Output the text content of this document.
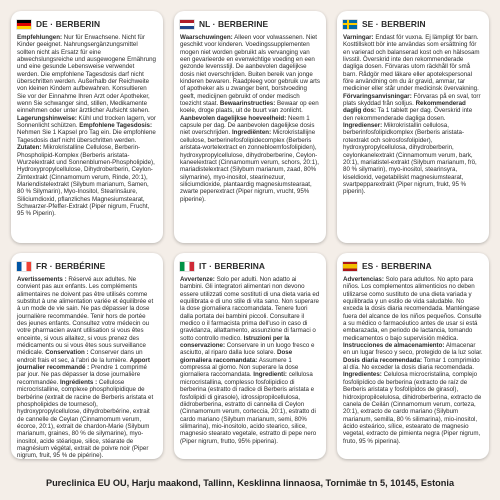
DE · BERBERIN
Empfehlungen: Nur für Erwachsene. Nicht für Kinder geeignet. Nahrungsergänzungsmittel sollten nicht als Ersatz für eine abwechslungsreiche und ausgewogene Ernährung und eine gesunde Lebensweise verwendet werden. Die empfohlene Tagesdosis darf nicht überschritten werden. Außerhalb der Reichweite von kleinen Kindern aufbewahren. Konsultieren Sie vor der Einnahme Ihren Arzt oder Apotheker, wenn Sie schwanger sind, stillen, Medikamente einnehmen oder unter ärztlicher Aufsicht stehen. Lagerungshinweise: Kühl und trocken lagern, vor Sonnenlicht schützen. Empfohlene Tagesdosis: Nehmen Sie 1 Kapsel pro Tag ein. Die empfohlene Tagesdosis darf nicht überschritten werden. Zutaten: Mikrokristalline Cellulose, Berberin-Phospholipid-Komplex (Berberis aristata-Wurzelextrakt und Sonnenblumen-Phospholipide), Hydroxypropylcellulose, Dihydroberberin, Ceylon-Zimtextrakt (Cinnamomum verum, Rinde, 20:1), Mariendistelextrakt (Silybum marianum, Samen, 80 % Silymarin), Myo-Inositol, Stearinsäure, Siliciumdioxid, pflanzliches Magnesiumstearat, Schwarzer-Pfeffer-Extrakt (Piper nigrum, Frucht, 95 % Piperin).
NL · BERBERINE
Waarschuwingen: Alleen voor volwassenen. Niet geschikt voor kinderen. Voedingssupplementen mogen niet worden gebruikt als vervanging van een gevarieerde en evenwichtige voeding en een gezonde levensstijl. De aanbevolen dagelijkse dosis niet overschrijden. Buiten bereik van jonge kinderen bewaren. Raadpleeg voor gebruik uw arts of apotheker als u zwanger bent, borstvoeding geeft, medicijnen gebruikt of onder medisch toezicht staat. Bewaarinstructies: Bewaar op een koele, droge plaats, uit de buurt van zonlicht. Aanbevolen dagelijkse hoeveelheid: Neem 1 capsule per dag. De aanbevolen dagelijkse dosis niet overschrijden. Ingrediënten: Microkristallijne cellulose, berberinefosfolipidecomplex (Berberis aristata-wortelextract en zonnebloemfosfolipiden), hydroxypropylcellulose, dihydroberberine, Ceylon-kaneelextract (Cinnamomum verum, schors, 20:1), mariadistelextract (Silybum marianum, zaad, 80% silymarine), myo-inositol, stearinezuur, siliciumdioxide, plantaardig magnesiumstearaat, zwarte peperextract (Piper nigrum, vrucht, 95% piperine).
SE · BERBERIN
Varningar: Endast för vuxna. Ej lämpligt för barn. Kosttillskott bör inte användas som ersättning för en varierad och balanserad kost och en hälsosam livsstil. Överskrid inte den rekommenderade dagliga dosen. Förvaras utom räckhåll för små barn. Rådgör med läkare eller apotekspersonal före användning om du är gravid, ammar, tar mediciner eller står under medicinsk övervakning. Förvaringsanvisningar: Förvaras på en sval, torr plats skyddad från solljus. Rekommenderad daglig dos: Ta 1 tablett per dag. Överskrid inte den rekommenderade dagliga dosen. Ingredienser: Mikrokristallin cellulosa, berberinfosfolipidkomplex (Berberis aristata-rotextrakt och solrosfosfolipider), hydroxypropylcellulosa, dihydroberberin, ceylonkanelextrakt (Cinnamomum verum, bark, 20:1), mariatistel-extrakt (Silybum marianum, frö, 80 % silymarin), myo-inositol, stearinsyra, kiseldioxid, vegetabiliskt magnesiumstearat, svartpepparextrakt (Piper nigrum, frukt, 95 % piperin).
FR · BERBÉRINE
Avertissements : Réservé aux adultes. Ne convient pas aux enfants. Les compléments alimentaires ne doivent pas être utilisés comme substitut à une alimentation variée et équilibrée et à un mode de vie sain. Ne pas dépasser la dose journalière recommandée. Tenir hors de portée des jeunes enfants. Consultez votre médecin ou votre pharmacien avant utilisation si vous êtes enceinte, si vous allaitez, si vous prenez des médicaments ou si vous êtes sous surveillance médicale. Conservation : Conserver dans un endroit frais et sec, à l'abri de la lumière. Apport journalier recommandé : Prendre 1 comprimé par jour. Ne pas dépasser la dose journalière recommandée. Ingrédients : Cellulose microcristalline, complexe phospholipidique de berbérine (extrait de racine de Berberis aristata et phospholipides de tournesol), hydroxypropylcellulose, dihydroberbérine, extrait de cannelle de Ceylan (Cinnamomum verum, écorce, 20:1), extrait de chardon-Marie (Silybum marianum, graines, 80 % de silymarine), myo-inositol, acide stéarique, silice, stéarate de magnésium végétal, extrait de poivre noir (Piper nigrum, fruit, 95 % de pipérine).
IT · BERBERINA
Avvertenze: Solo per adulti. Non adatto ai bambini. Gli integratori alimentari non devono essere utilizzati come sostituti di una dieta varia ed equilibrata e di uno stile di vita sano. Non superare la dose giornaliera raccomandata. Tenere fuori dalla portata dei bambini piccoli. Consultare il medico o il farmacista prima dell'uso in caso di gravidanza, allattamento, assunzione di farmaci o sotto controllo medico. Istruzioni per la conservazione: Conservare in un luogo fresco e asciutto, al riparo dalla luce solare. Dose giornaliera raccomandata: Assumere 1 compressa al giorno. Non superare la dose giornaliera raccomandata. Ingredienti: cellulosa microcristallina, complesso fosfolipidico di berberina (estratto di radice di Berberis aristata e fosfolipidi di girasole), idrossipropilcellulosa, diidroberberina, estratto di cannella di Ceylon (Cinnamomum verum, corteccia, 20:1), estratto di cardo mariano (Silybum marianum, semi, 80% silimarina), mio-inositolo, acido stearico, silice, magnesio stearato vegetale, estratto di pepe nero (Piper nigrum, frutto, 95% piperina).
ES · BERBERINA
Advertencias: Solo para adultos. No apto para niños. Los complementos alimenticios no deben utilizarse como sustituto de una dieta variada y equilibrada y un estilo de vida saludable. No exceda la dosis diaria recomendada. Manténgase fuera del alcance de los niños pequeños. Consulte a su médico o farmacéutico antes de usar si está embarazada, en periodo de lactancia, tomando medicamentos o bajo supervisión médica. Instrucciones de almacenamiento: Almacenar en un lugar fresco y seco, protegido de la luz solar. Dosis diaria recomendada: Tomar 1 comprimido al día. No exceder la dosis diaria recomendada. Ingredientes: Celulosa microcristalina, complejo fosfolipídico de berberina (extracto de raíz de Berberis aristata y fosfolípidos de girasol), hidroxipropilcelulosa, dihidroberberina, extracto de canela de Ceilán (Cinnamomum verum, corteza, 20:1), extracto de cardo mariano (Silybum marianum, semilla, 80 % silimarina), mio-inositol, ácido esteárico, sílice, estearato de magnesio vegetal, extracto de pimienta negra (Piper nigrum, fruto, 95 % piperina).
Pureclinica EU OU, Harju maakond, Tallinn, Kesklinna linnaosa, Tornimäe tn 5, 10145, Estonia
